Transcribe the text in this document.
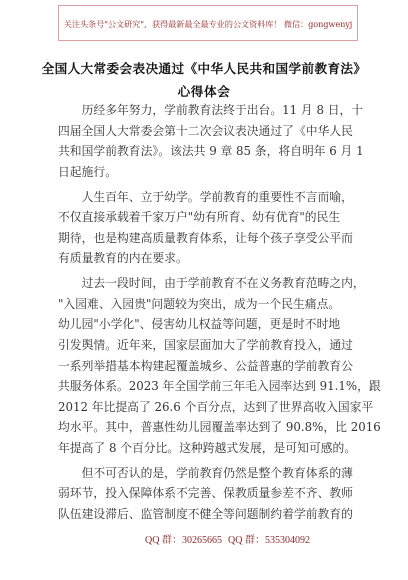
关注头条号"公文研究"，获得最新最全最专业的公文资料库！ 微信：gongwenyj
全国人大常委会表决通过《中华人民共和国学前教育法》
心得体会
历经多年努力，学前教育法终于出台。11 月 8 日，十
四届全国人大常委会第十二次会议表决通过了《中华人民
共和国学前教育法》。该法共 9 章 85 条，将自明年 6 月 1
日起施行。
人生百年、立于幼学。学前教育的重要性不言而喻，
不仅直接承载着千家万户"幼有所育、幼有优育"的民生
期待，也是构建高质量教育体系，让每个孩子享受公平而
有质量教育的内在要求。
过去一段时间，由于学前教育不在义务教育范畴之内，
"入园难、入园贵"问题较为突出，成为一个民生痛点。
幼儿园"小学化"、侵害幼儿权益等问题，更是时不时地
引发舆情。近年来，国家层面加大了学前教育投入，通过
一系列举措基本构建起覆盖城乡、公益普惠的学前教育公
共服务体系。2023 年全国学前三年毛入园率达到 91.1%，跟
2012 年比提高了 26.6 个百分点，达到了世界高收入国家平
均水平。其中，普惠性幼儿园覆盖率达到了 90.8%，比 2016
年提高了 8 个百分比。这种跨越式发展，是可知可感的。
但不可否认的是，学前教育仍然是整个教育体系的薄
弱环节，投入保障体系不完善、保教质量参差不齐、教师
队伍建设滞后、监管制度不健全等问题制约着学前教育的
QQ 群：30265665 QQ 群：535304092
